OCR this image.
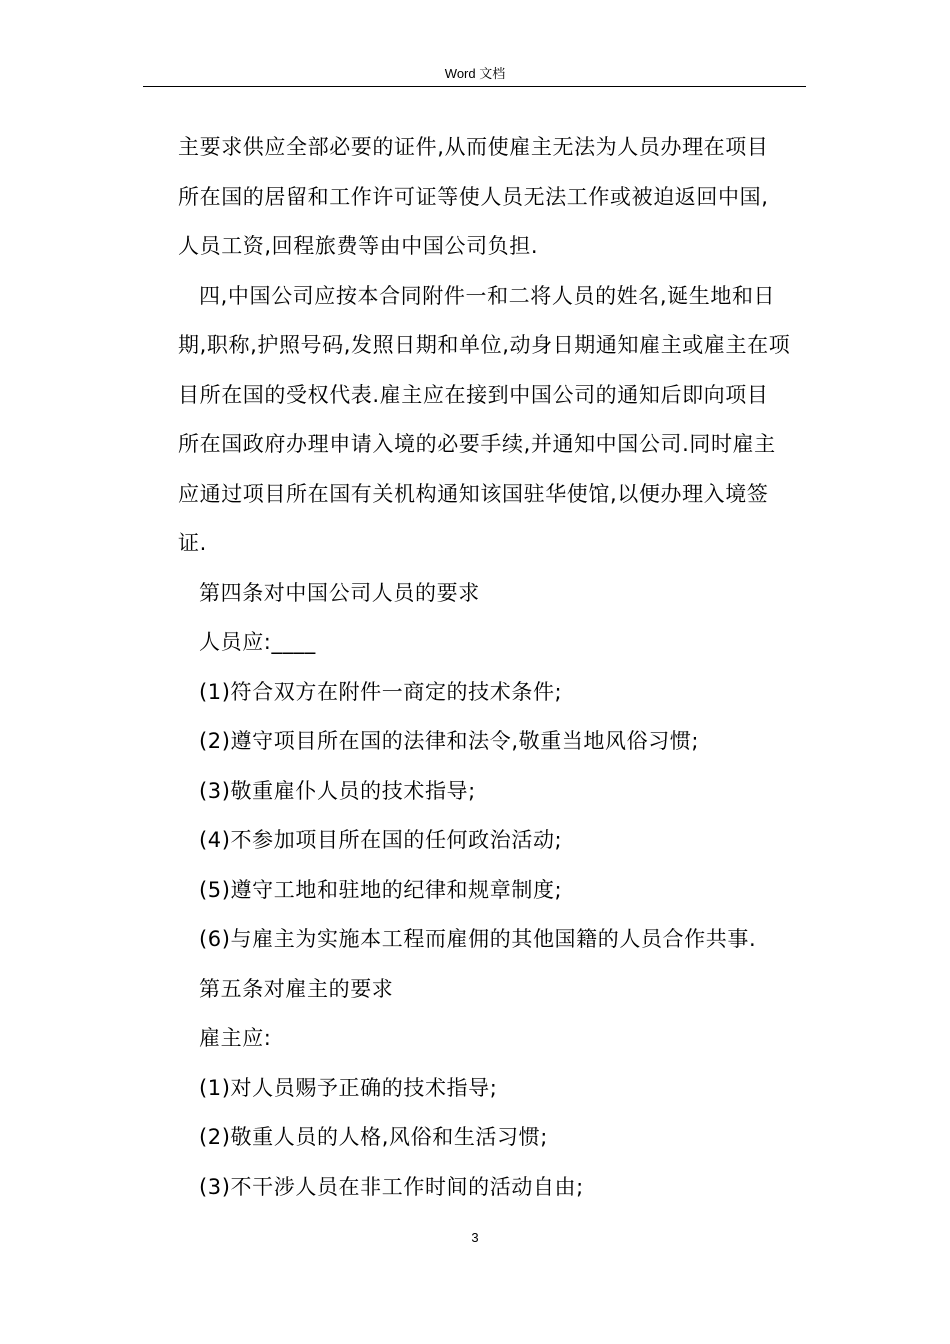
Word 文档
主要求供应全部必要的证件,从而使雇主无法为人员办理在项目
所在国的居留和工作许可证等使人员无法工作或被迫返回中国,
人员工资,回程旅费等由中国公司负担.
四,中国公司应按本合同附件一和二将人员的姓名,诞生地和日
期,职称,护照号码,发照日期和单位,动身日期通知雇主或雇主在项
目所在国的受权代表.雇主应在接到中国公司的通知后即向项目
所在国政府办理申请入境的必要手续,并通知中国公司.同时雇主
应通过项目所在国有关机构通知该国驻华使馆,以便办理入境签
证.
第四条对中国公司人员的要求
人员应:____
(1)符合双方在附件一商定的技术条件;
(2)遵守项目所在国的法律和法令,敬重当地风俗习惯;
(3)敬重雇仆人员的技术指导;
(4)不参加项目所在国的任何政治活动;
(5)遵守工地和驻地的纪律和规章制度;
(6)与雇主为实施本工程而雇佣的其他国籍的人员合作共事.
第五条对雇主的要求
雇主应:
(1)对人员赐予正确的技术指导;
(2)敬重人员的人格,风俗和生活习惯;
(3)不干涉人员在非工作时间的活动自由;
3
